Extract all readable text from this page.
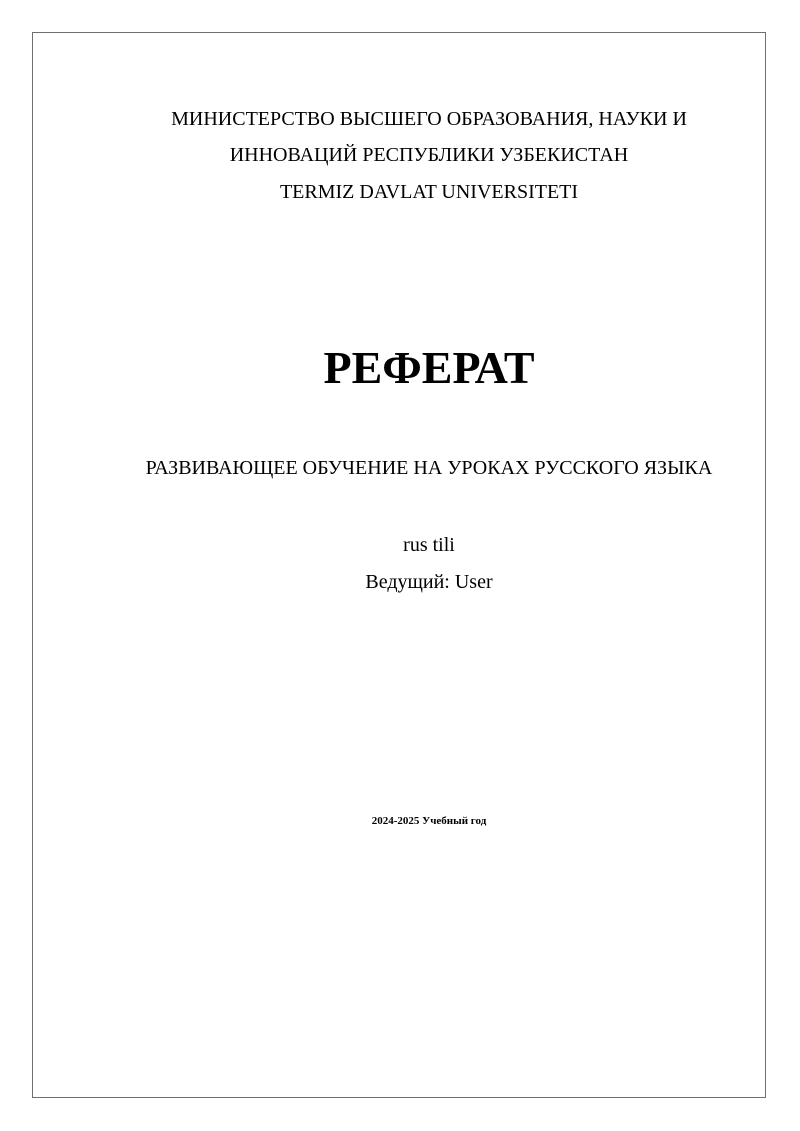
МИНИСТЕРСТВО ВЫСШЕГО ОБРАЗОВАНИЯ, НАУКИ И
ИННОВАЦИЙ РЕСПУБЛИКИ УЗБЕКИСТАН
TERMIZ DAVLAT UNIVERSITETI
РЕФЕРАТ
РАЗВИВАЮЩЕЕ ОБУЧЕНИЕ НА УРОКАХ РУССКОГО ЯЗЫКА
rus tili
Ведущий: User
2024-2025 Учебный год
